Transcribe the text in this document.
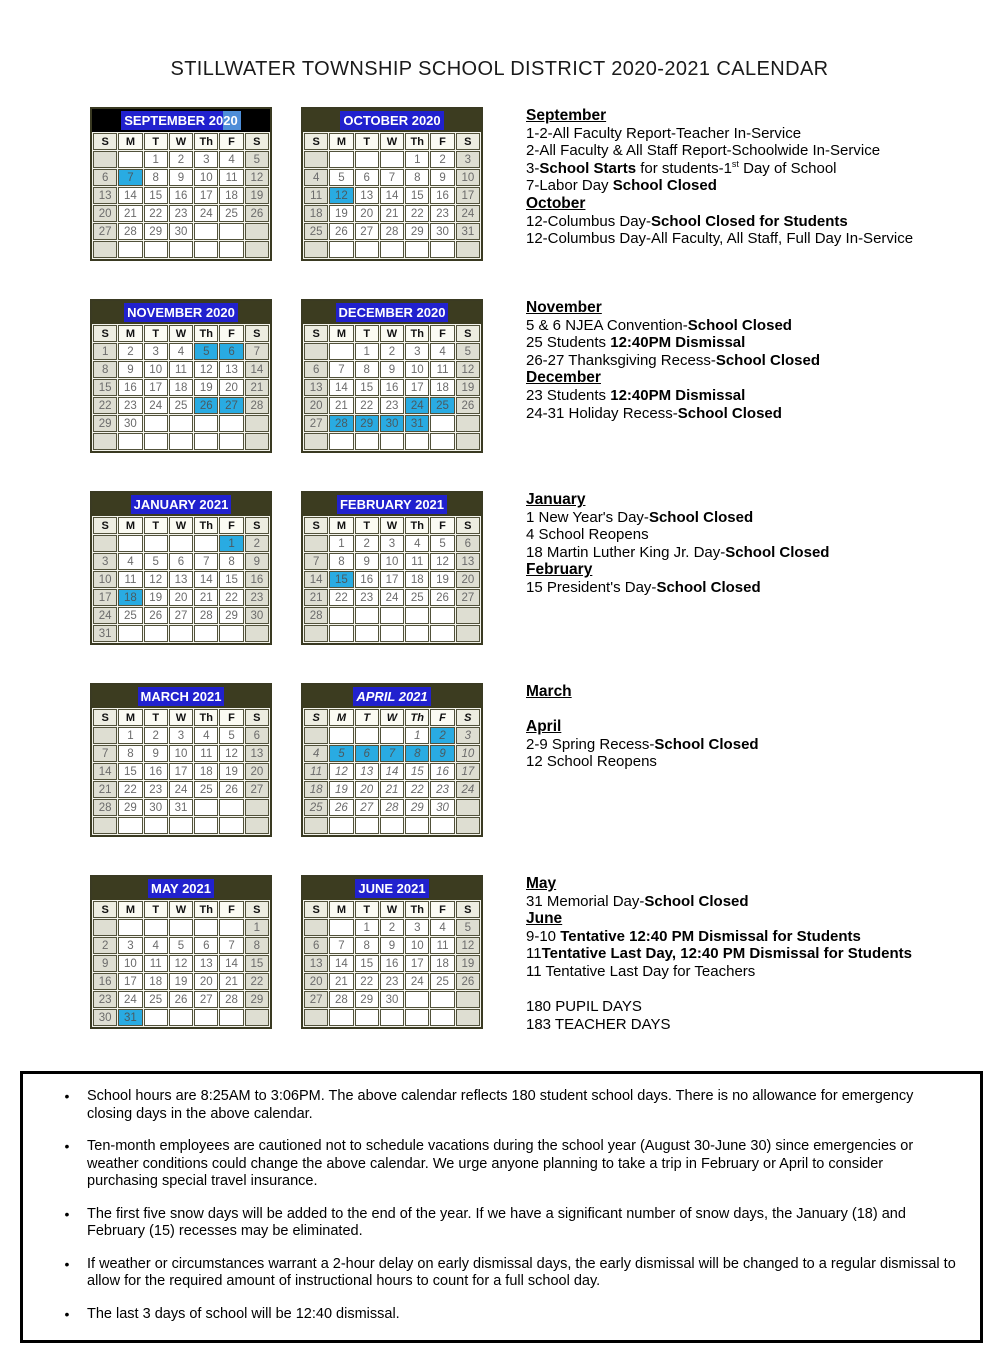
STILLWATER TOWNSHIP SCHOOL DISTRICT 2020-2021 CALENDAR
SEPTEMBER 2020
S	M	T	W	Th	F	S
		1	2	3	4	5
6	7	8	9	10	11	12
13	14	15	16	17	18	19
20	21	22	23	24	25	26
27	28	29	30			

OCTOBER 2020
S	M	T	W	Th	F	S
				1	2	3
4	5	6	7	8	9	10
11	12	13	14	15	16	17
18	19	20	21	22	23	24
25	26	27	28	29	30	31

September
1-2-All Faculty Report-Teacher In-Service
2-All Faculty & All Staff Report-Schoolwide In-Service
3-School Starts for students-1st Day of School
7-Labor Day School Closed
October
12-Columbus Day-School Closed for Students
12-Columbus Day-All Faculty, All Staff, Full Day In-Service
NOVEMBER 2020
S	M	T	W	Th	F	S
1	2	3	4	5	6	7
8	9	10	11	12	13	14
15	16	17	18	19	20	21
22	23	24	25	26	27	28
29	30					

DECEMBER 2020
S	M	T	W	Th	F	S
		1	2	3	4	5
6	7	8	9	10	11	12
13	14	15	16	17	18	19
20	21	22	23	24	25	26
27	28	29	30	31		

November
5 & 6 NJEA Convention-School Closed
25 Students 12:40PM Dismissal
26-27 Thanksgiving Recess-School Closed
December
23 Students 12:40PM Dismissal
24-31 Holiday Recess-School Closed
JANUARY 2021
S	M	T	W	Th	F	S
					1	2
3	4	5	6	7	8	9
10	11	12	13	14	15	16
17	18	19	20	21	22	23
24	25	26	27	28	29	30
31						
FEBRUARY 2021
S	M	T	W	Th	F	S
	1	2	3	4	5	6
7	8	9	10	11	12	13
14	15	16	17	18	19	20
21	22	23	24	25	26	27
28						

January
1 New Year's Day-School Closed
4 School Reopens
18 Martin Luther King Jr. Day-School Closed
February
15 President's Day-School Closed
MARCH 2021
S	M	T	W	Th	F	S
	1	2	3	4	5	6
7	8	9	10	11	12	13
14	15	16	17	18	19	20
21	22	23	24	25	26	27
28	29	30	31			

APRIL 2021
S	M	T	W	Th	F	S
				1	2	3
4	5	6	7	8	9	10
11	12	13	14	15	16	17
18	19	20	21	22	23	24
25	26	27	28	29	30	

March

April
2-9 Spring Recess-School Closed
12 School Reopens
MAY 2021
S	M	T	W	Th	F	S
						1
2	3	4	5	6	7	8
9	10	11	12	13	14	15
16	17	18	19	20	21	22
23	24	25	26	27	28	29
30	31					
JUNE 2021
S	M	T	W	Th	F	S
		1	2	3	4	5
6	7	8	9	10	11	12
13	14	15	16	17	18	19
20	21	22	23	24	25	26
27	28	29	30			

May
31 Memorial Day-School Closed
June
9-10 Tentative 12:40 PM Dismissal for Students
11Tentative Last Day, 12:40 PM Dismissal for Students
11 Tentative Last Day for Teachers

180 PUPIL DAYS
183 TEACHER DAYS
•	School hours are 8:25AM to 3:06PM. The above calendar reflects 180 student school days. There is no allowance for emergency closing days in the above calendar.
•	Ten-month employees are cautioned not to schedule vacations during the school year (August 30-June 30) since emergencies or weather conditions could change the above calendar. We urge anyone planning to take a trip in February or April to consider purchasing special travel insurance.
•	The first five snow days will be added to the end of the year. If we have a significant number of snow days, the January (18) and February (15) recesses may be eliminated.
•	If weather or circumstances warrant a 2-hour delay on early dismissal days, the early dismissal will be changed to a regular dismissal to allow for the required amount of instructional hours to count for a full school day.
•	The last 3 days of school will be 12:40 dismissal.
